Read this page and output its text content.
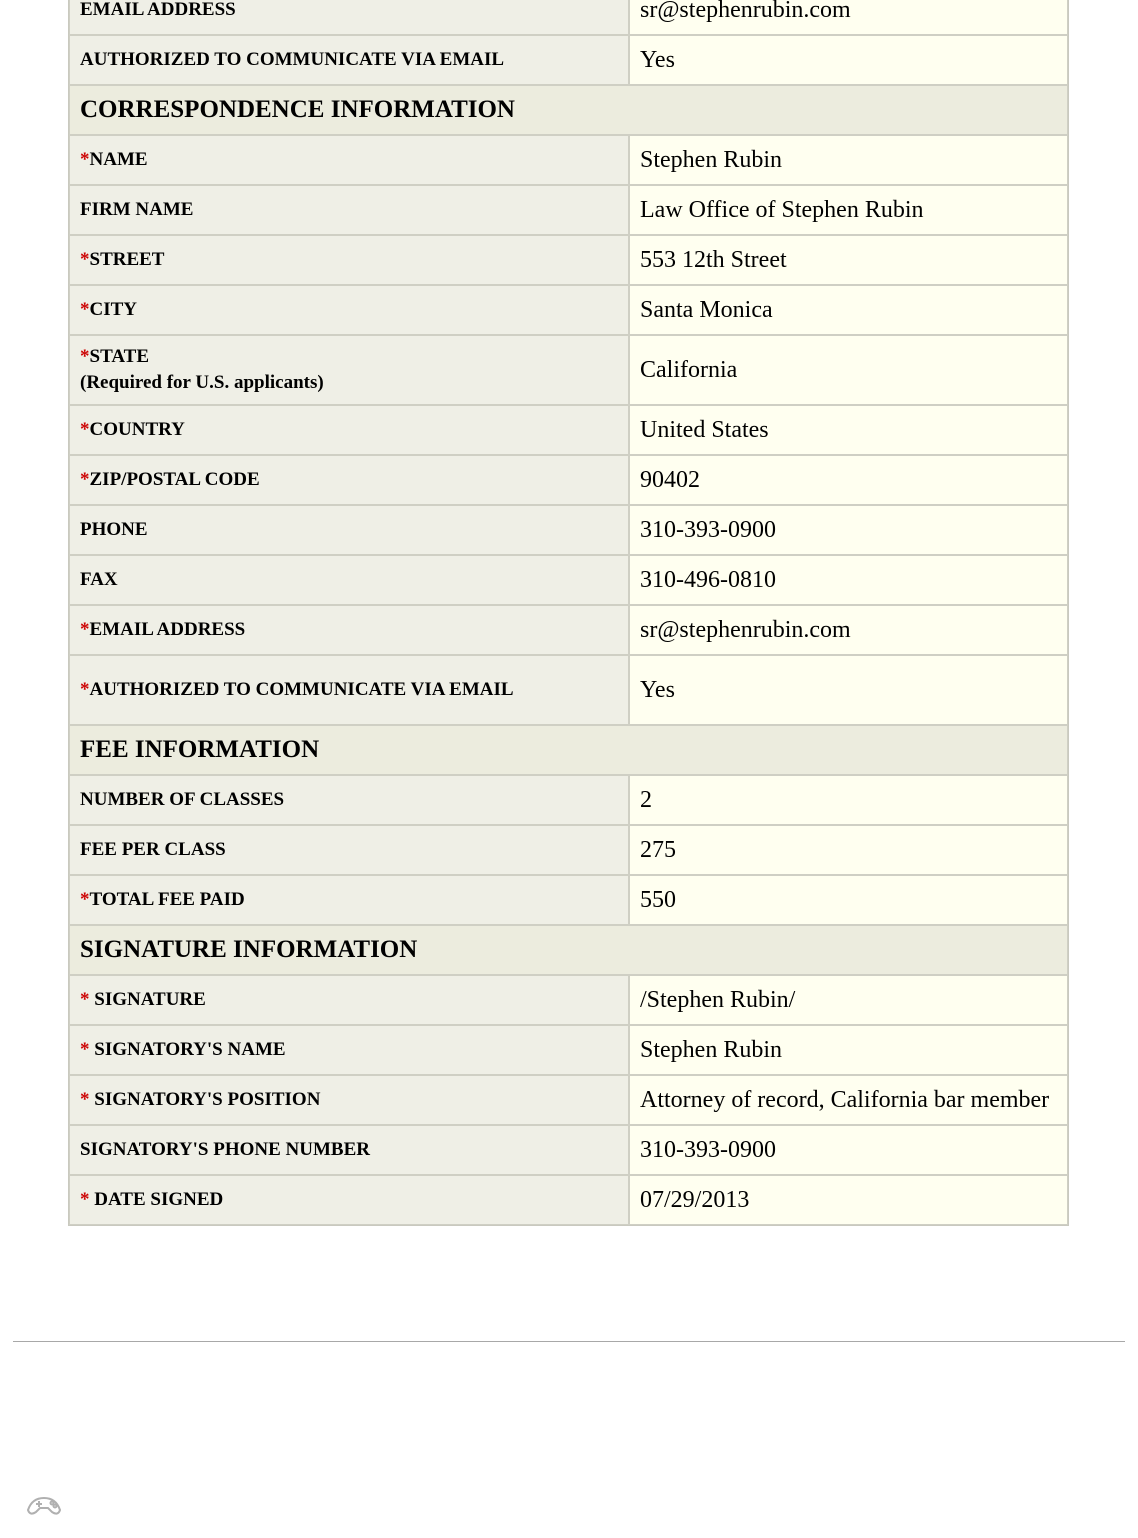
EMAIL ADDRESS	sr@stephenrubin.com
AUTHORIZED TO COMMUNICATE VIA EMAIL	Yes
CORRESPONDENCE INFORMATION	
*NAME	Stephen Rubin
FIRM NAME	Law Office of Stephen Rubin
*STREET	553 12th Street
*CITY	Santa Monica
*STATE
(Required for U.S. applicants)	California
*COUNTRY	United States
*ZIP/POSTAL CODE	90402
PHONE	310-393-0900
FAX	310-496-0810
*EMAIL ADDRESS	sr@stephenrubin.com
*AUTHORIZED TO COMMUNICATE VIA EMAIL	Yes
FEE INFORMATION	
NUMBER OF CLASSES	2
FEE PER CLASS	275
*TOTAL FEE PAID	550
SIGNATURE INFORMATION	
* SIGNATURE	/Stephen Rubin/
* SIGNATORY'S NAME	Stephen Rubin
* SIGNATORY'S POSITION	Attorney of record, California bar member
SIGNATORY'S PHONE NUMBER	310-393-0900
* DATE SIGNED	07/29/2013
